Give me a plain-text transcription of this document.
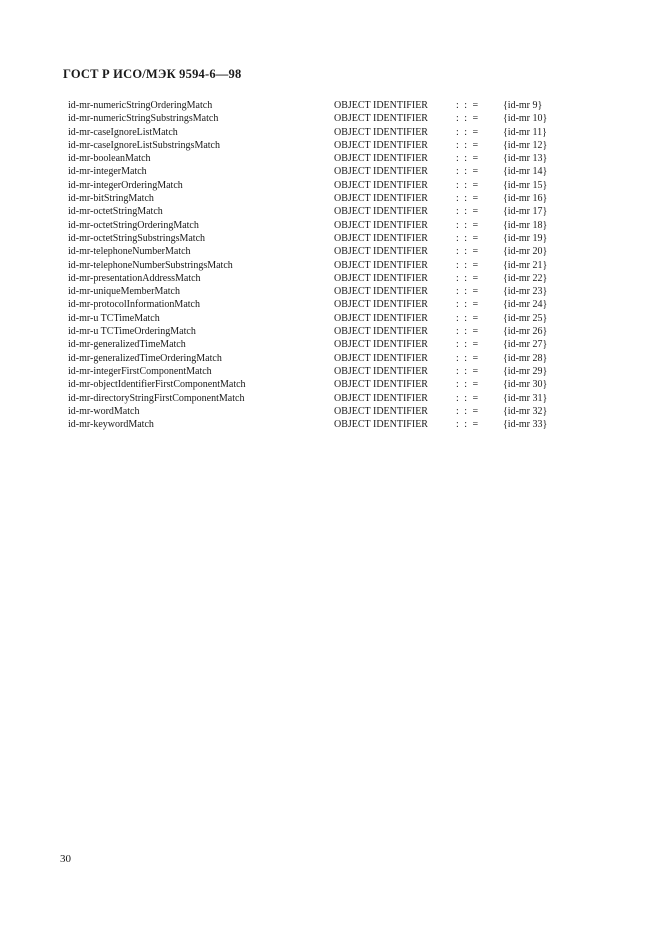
ГОСТ Р ИСО/МЭК 9594-6—98
id-mr-numericStringOrderingMatch	OBJECT IDENTIFIER	: : = {id-mr 9}
id-mr-numericStringSubstringsMatch	OBJECT IDENTIFIER	: : = {id-mr 10}
id-mr-caseIgnoreListMatch	OBJECT IDENTIFIER	: : = {id-mr 11}
id-mr-caseIgnoreListSubstringsMatch	OBJECT IDENTIFIER	: : = {id-mr 12}
id-mr-booleanMatch	OBJECT IDENTIFIER	: : = {id-mr 13}
id-mr-integerMatch	OBJECT IDENTIFIER	: : = {id-mr 14}
id-mr-integerOrderingMatch	OBJECT IDENTIFIER	: : = {id-mr 15}
id-mr-bitStringMatch	OBJECT IDENTIFIER	: : = {id-mr 16}
id-mr-octetStringMatch	OBJECT IDENTIFIER	: : = {id-mr 17}
id-mr-octetStringOrderingMatch	OBJECT IDENTIFIER	: : = {id-mr 18}
id-mr-octetStringSubstringsMatch	OBJECT IDENTIFIER	: : = {id-mr 19}
id-mr-telephoneNumberMatch	OBJECT IDENTIFIER	: : = {id-mr 20}
id-mr-telephoneNumberSubstringsMatch	OBJECT IDENTIFIER	: : = {id-mr 21}
id-mr-presentationAddressMatch	OBJECT IDENTIFIER	: : = {id-mr 22}
id-mr-uniqueMemberMatch	OBJECT IDENTIFIER	: : = {id-mr 23}
id-mr-protocolInformationMatch	OBJECT IDENTIFIER	: : = {id-mr 24}
id-mr-u TCTimeMatch	OBJECT IDENTIFIER	: : = {id-mr 25}
id-mr-u TCTimeOrderingMatch	OBJECT IDENTIFIER	: : = {id-mr 26}
id-mr-generalizedTimeMatch	OBJECT IDENTIFIER	: : = {id-mr 27}
id-mr-generalizedTimeOrderingMatch	OBJECT IDENTIFIER	: : = {id-mr 28}
id-mr-integerFirstComponentMatch	OBJECT IDENTIFIER	: : = {id-mr 29}
id-mr-objectIdentifierFirstComponentMatch	OBJECT IDENTIFIER	: : = {id-mr 30}
id-mr-directoryStringFirstComponentMatch	OBJECT IDENTIFIER	: : = {id-mr 31}
id-mr-wordMatch	OBJECT IDENTIFIER	: : = {id-mr 32}
id-mr-keywordMatch	OBJECT IDENTIFIER	: : = {id-mr 33}
30
